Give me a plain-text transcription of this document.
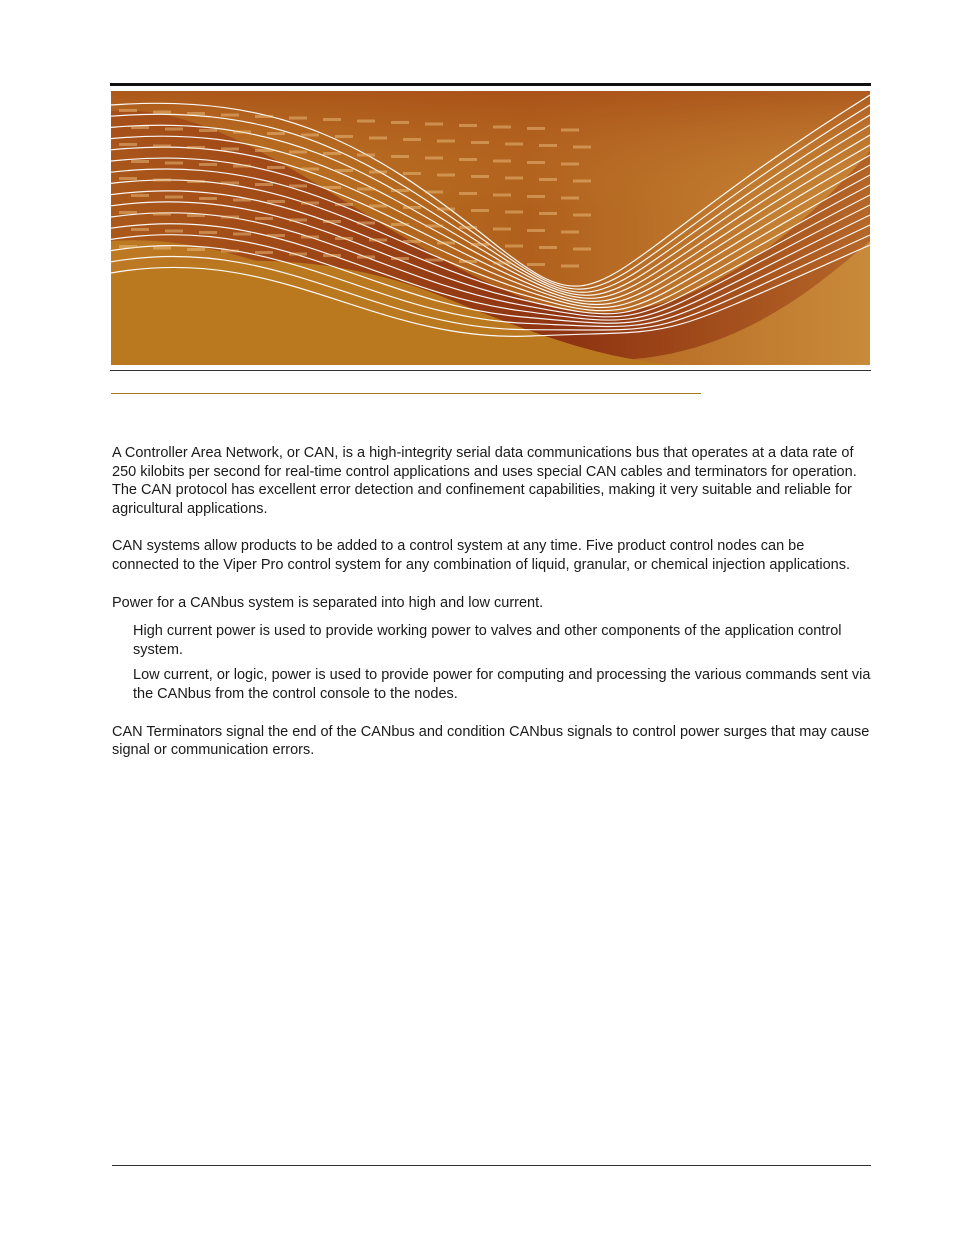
A Controller Area Network, or CAN, is a high-integrity serial data communications bus that operates at a data rate of 250 kilobits per second for real-time control applications and uses special CAN cables and terminators for operation. The CAN protocol has excellent error detection and confinement capabilities, making it very suitable and reliable for agricultural applications.

CAN systems allow products to be added to a control system at any time. Five product control nodes can be connected to the Viper Pro control system for any combination of liquid, granular, or chemical injection applications.

Power for a CANbus system is separated into high and low current.

High current power is used to provide working power to valves and other components of the application control system.
Low current, or logic, power is used to provide power for computing and processing the various commands sent via the CANbus from the control console to the nodes.

CAN Terminators signal the end of the CANbus and condition CANbus signals to control power surges that may cause signal or communication errors.
